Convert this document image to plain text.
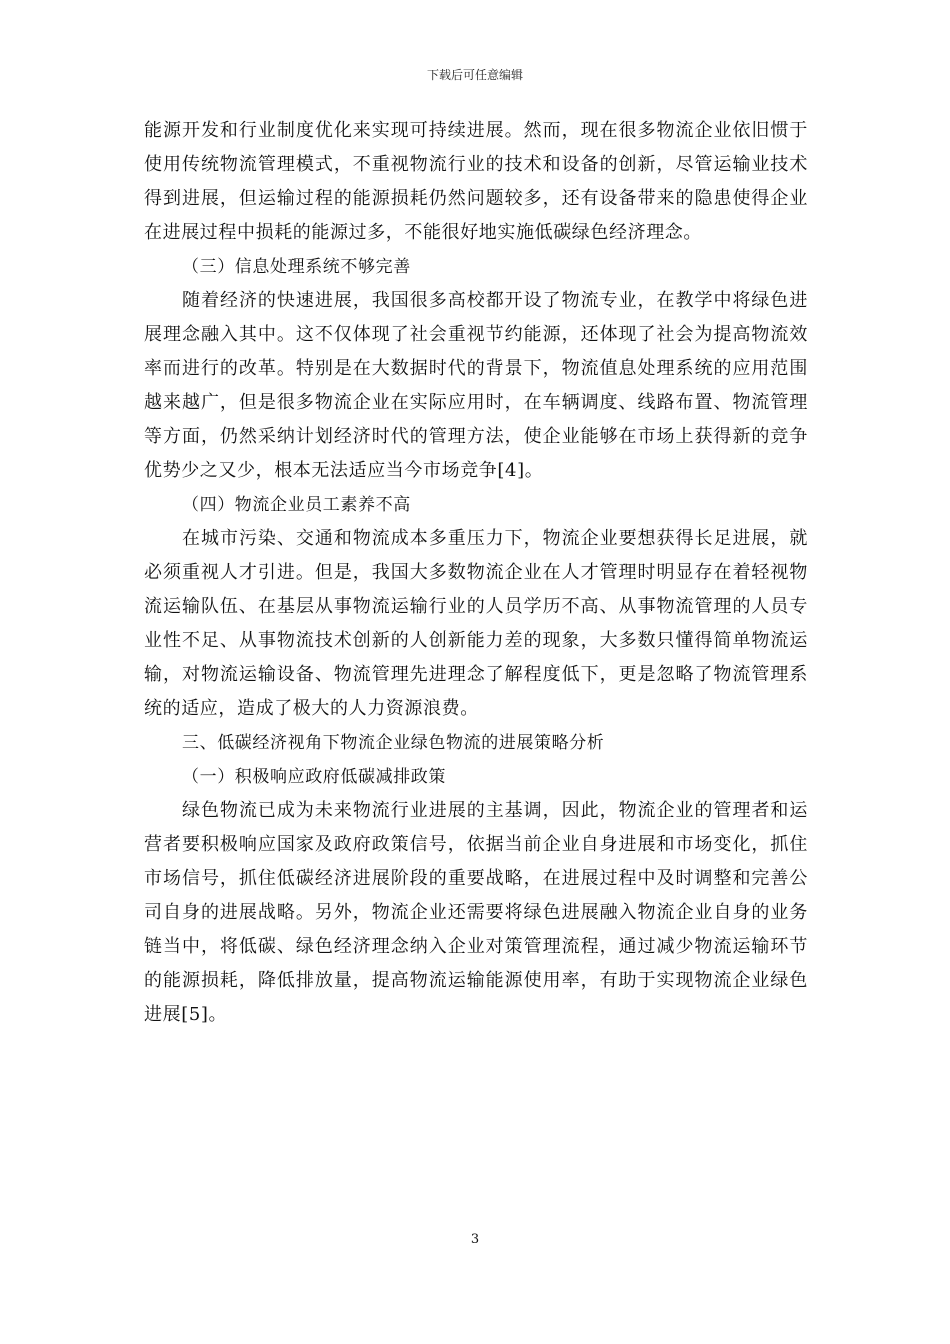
下载后可任意编辑

能源开发和行业制度优化来实现可持续进展。然而，现在很多物流企业依旧惯于使用传统物流管理模式，不重视物流行业的技术和设备的创新，尽管运输业技术得到进展，但运输过程的能源损耗仍然问题较多，还有设备带来的隐患使得企业在进展过程中损耗的能源过多，不能很好地实施低碳绿色经济理念。

（三）信息处理系统不够完善

随着经济的快速进展，我国很多高校都开设了物流专业，在教学中将绿色进展理念融入其中。这不仅体现了社会重视节约能源，还体现了社会为提高物流效率而进行的改革。特别是在大数据时代的背景下，物流值息处理系统的应用范围越来越广，但是很多物流企业在实际应用时，在车辆调度、线路布置、物流管理等方面，仍然采纳计划经济时代的管理方法，使企业能够在市场上获得新的竞争优势少之又少，根本无法适应当今市场竞争[4]。

（四）物流企业员工素养不高

在城市污染、交通和物流成本多重压力下，物流企业要想获得长足进展，就必须重视人才引进。但是，我国大多数物流企业在人才管理时明显存在着轻视物流运输队伍、在基层从事物流运输行业的人员学历不高、从事物流管理的人员专业性不足、从事物流技术创新的人创新能力差的现象，大多数只懂得简单物流运输，对物流运输设备、物流管理先进理念了解程度低下，更是忽略了物流管理系统的适应，造成了极大的人力资源浪费。

三、低碳经济视角下物流企业绿色物流的进展策略分析

（一）积极响应政府低碳减排政策

绿色物流已成为未来物流行业进展的主基调，因此，物流企业的管理者和运营者要积极响应国家及政府政策信号，依据当前企业自身进展和市场变化，抓住市场信号，抓住低碳经济进展阶段的重要战略，在进展过程中及时调整和完善公司自身的进展战略。另外，物流企业还需要将绿色进展融入物流企业自身的业务链当中，将低碳、绿色经济理念纳入企业对策管理流程，通过减少物流运输环节的能源损耗，降低排放量，提高物流运输能源使用率，有助于实现物流企业绿色进展[5]。

3
